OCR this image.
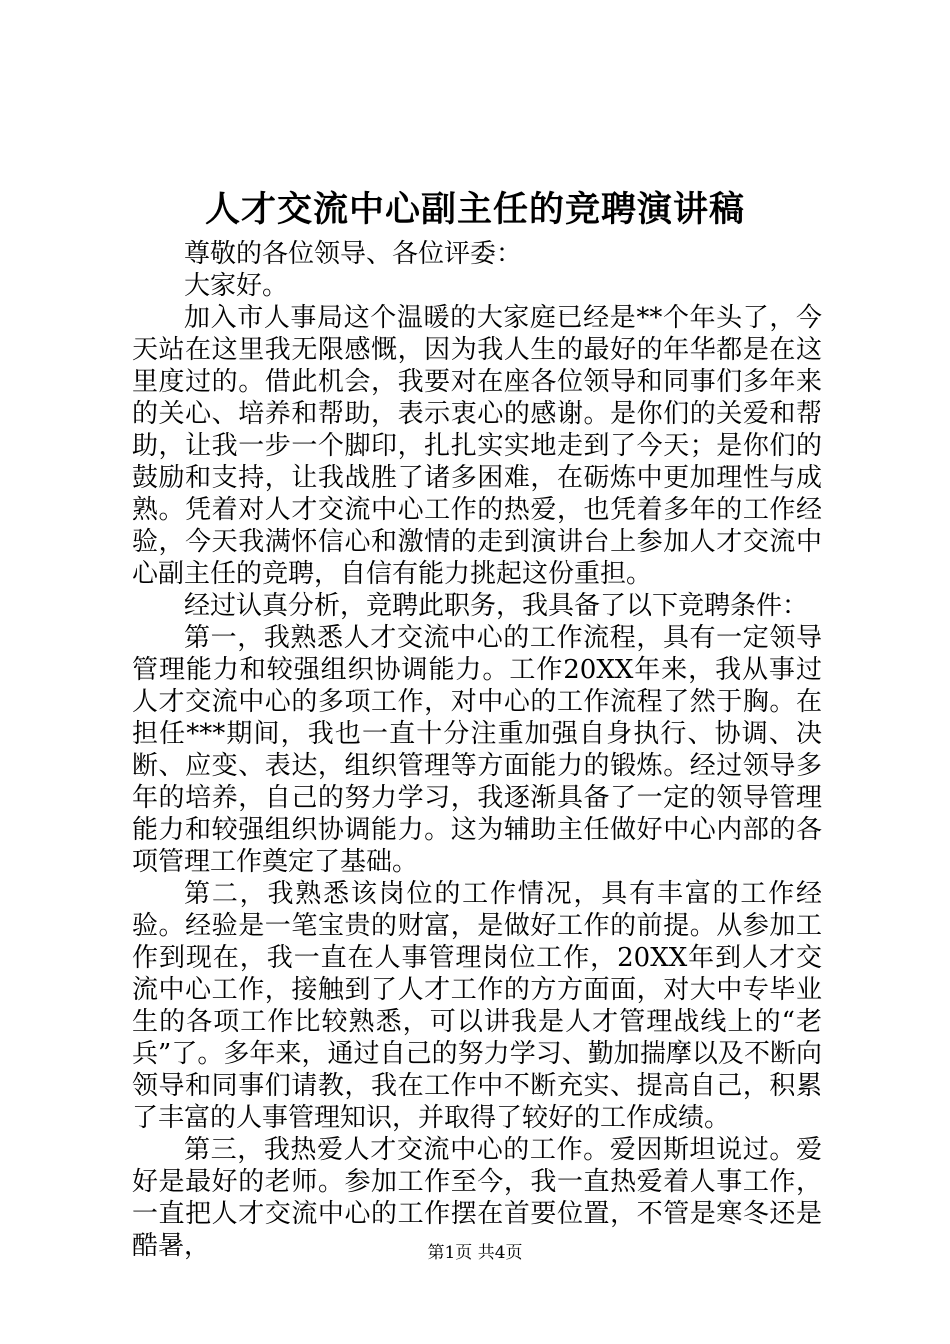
人才交流中心副主任的竞聘演讲稿

尊敬的各位领导、各位评委：

大家好。

加入市人事局这个温暖的大家庭已经是**个年头了，今天站在这里我无限感慨，因为我人生的最好的年华都是在这里度过的。借此机会，我要对在座各位领导和同事们多年来的关心、培养和帮助，表示衷心的感谢。是你们的关爱和帮助，让我一步一个脚印，扎扎实实地走到了今天；是你们的鼓励和支持，让我战胜了诸多困难，在砺炼中更加理性与成熟。凭着对人才交流中心工作的热爱，也凭着多年的工作经验，今天我满怀信心和激情的走到演讲台上参加人才交流中心副主任的竞聘，自信有能力挑起这份重担。

经过认真分析，竞聘此职务，我具备了以下竞聘条件：

第一，我熟悉人才交流中心的工作流程，具有一定领导管理能力和较强组织协调能力。工作20XX年来，我从事过人才交流中心的多项工作，对中心的工作流程了然于胸。在担任***期间，我也一直十分注重加强自身执行、协调、决断、应变、表达，组织管理等方面能力的锻炼。经过领导多年的培养，自己的努力学习，我逐渐具备了一定的领导管理能力和较强组织协调能力。这为辅助主任做好中心内部的各项管理工作奠定了基础。

第二，我熟悉该岗位的工作情况，具有丰富的工作经验。经验是一笔宝贵的财富，是做好工作的前提。从参加工作到现在，我一直在人事管理岗位工作，20XX年到人才交流中心工作，接触到了人才工作的方方面面，对大中专毕业生的各项工作比较熟悉，可以讲我是人才管理战线上的“老兵”了。多年来，通过自己的努力学习、勤加揣摩以及不断向领导和同事们请教，我在工作中不断充实、提高自己，积累了丰富的人事管理知识，并取得了较好的工作成绩。

第三，我热爱人才交流中心的工作。爱因斯坦说过。爱好是最好的老师。参加工作至今，我一直热爱着人事工作，一直把人才交流中心的工作摆在首要位置，不管是寒冬还是酷暑，	第1页 共4页
